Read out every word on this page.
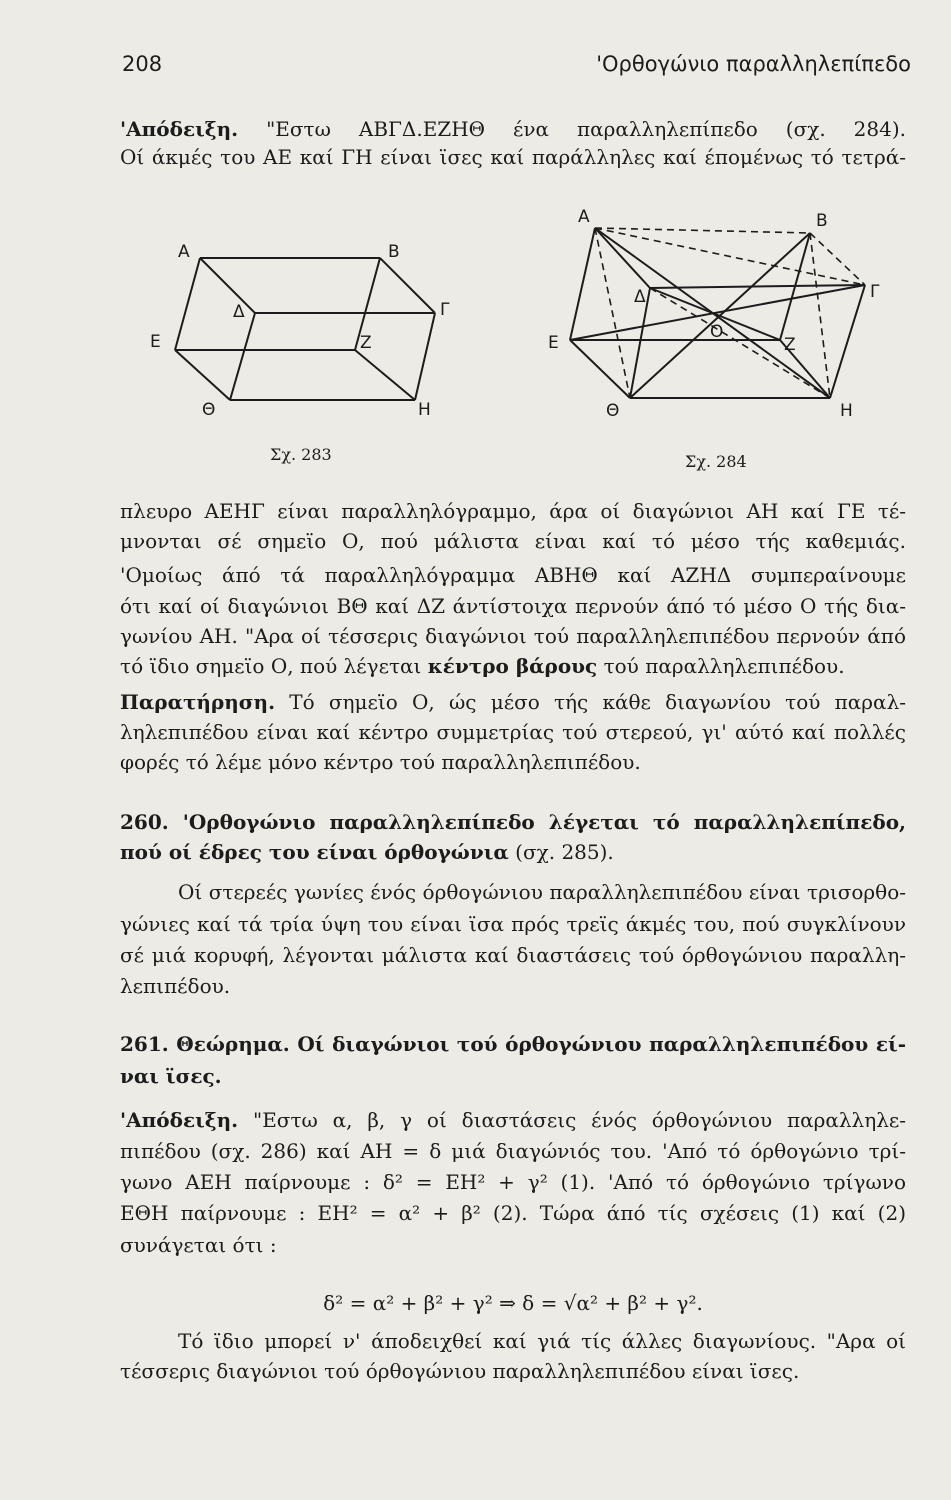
208	'Ορθογώνιο παραλληλεπίπεδο
'Απόδειξη. "Εστω ΑΒΓΔ.ΕΖΗΘ ένα παραλληλεπίπεδο (σχ. 284).
Οί άκμές του ΑΕ καί ΓΗ είναι ϊσες καί παράλληλες καί έπομένως τό τετρά-
Α	Β
Γ
Δ
Ε	Ζ
Η
Θ
Σχ. 283
Α	Β
Γ
Δ
Ε	Ζ
Η
Θ
Ο
Σχ. 284
πλευρο ΑΕΗΓ είναι παραλληλόγραμμο, άρα οί διαγώνιοι ΑΗ καί ΓΕ τέ-
μνονται σέ σημεϊο Ο, πού μάλιστα είναι καί τό μέσο τής καθεμιάς.
'Ομοίως άπό τά παραλληλόγραμμα ΑΒΗΘ καί ΑΖΗΔ συμπεραίνουμε
ότι καί οί διαγώνιοι ΒΘ καί ΔΖ άντίστοιχα περνούν άπό τό μέσο Ο τής δια-
γωνίου ΑΗ. "Αρα οί τέσσερις διαγώνιοι τού παραλληλεπιπέδου περνούν άπό
τό ϊδιο σημεϊο Ο, πού λέγεται κέντρο βάρους τού παραλληλεπιπέδου.
Παρατήρηση. Τό σημεϊο Ο, ώς μέσο τής κάθε διαγωνίου τού παραλ-
ληλεπιπέδου είναι καί κέντρο συμμετρίας τού στερεού, γι' αύτό καί πολλές
φορές τό λέμε μόνο κέντρο τού παραλληλεπιπέδου.
260. 'Ορθογώνιο παραλληλεπίπεδο λέγεται τό παραλληλεπίπεδο,
πού οί έδρες του είναι όρθογώνια (σχ. 285).
Οί στερεές γωνίες ένός όρθογώνιου παραλληλεπιπέδου είναι τρισορθο-
γώνιες καί τά τρία ύψη του είναι ϊσα πρός τρεϊς άκμές του, πού συγκλίνουν
σέ μιά κορυφή, λέγονται μάλιστα καί διαστάσεις τού όρθογώνιου παραλλη-
λεπιπέδου.
261. Θεώρημα. Οί διαγώνιοι τού όρθογώνιου παραλληλεπιπέδου εί-
ναι ϊσες.
'Απόδειξη. "Εστω α, β, γ οί διαστάσεις ένός όρθογώνιου παραλληλε-
πιπέδου (σχ. 286) καί ΑΗ = δ μιά διαγώνιός του. 'Από τό όρθογώνιο τρί-
γωνο ΑΕΗ παίρνουμε : δ² = ΕΗ² + γ² (1). 'Από τό όρθογώνιο τρίγωνο
ΕΘΗ παίρνουμε : ΕΗ² = α² + β² (2). Τώρα άπό τίς σχέσεις (1) καί (2)
συνάγεται ότι :
δ² = α² + β² + γ² ⇒ δ = √α² + β² + γ².
Τό ϊδιο μπορεί ν' άποδειχθεί καί γιά τίς άλλες διαγωνίους. "Αρα οί
τέσσερις διαγώνιοι τού όρθογώνιου παραλληλεπιπέδου είναι ϊσες.
